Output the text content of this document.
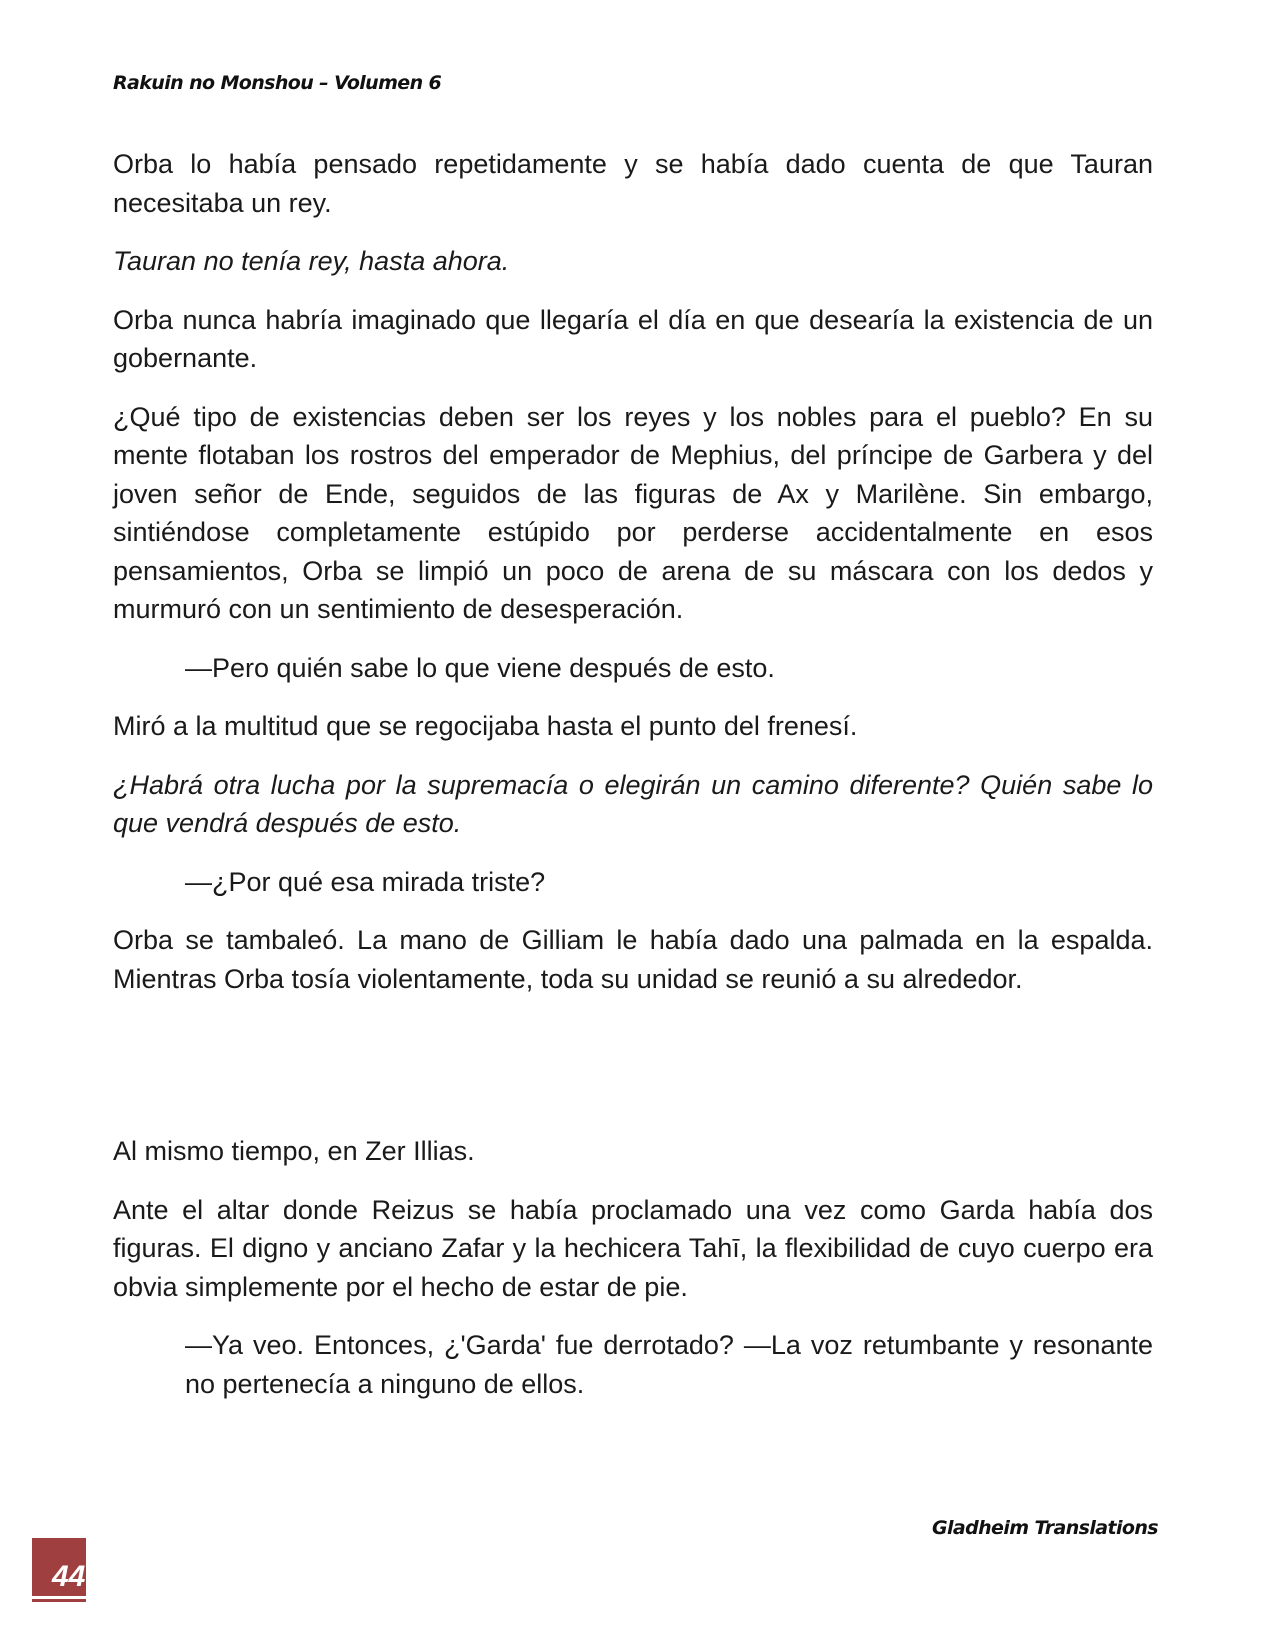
Rakuin no Monshou – Volumen 6

Orba lo había pensado repetidamente y se había dado cuenta de que Tauran necesitaba un rey.

Tauran no tenía rey, hasta ahora.

Orba nunca habría imaginado que llegaría el día en que desearía la existencia de un gobernante.

¿Qué tipo de existencias deben ser los reyes y los nobles para el pueblo? En su mente flotaban los rostros del emperador de Mephius, del príncipe de Garbera y del joven señor de Ende, seguidos de las figuras de Ax y Marilène. Sin embargo, sintiéndose completamente estúpido por perderse accidentalmente en esos pensamientos, Orba se limpió un poco de arena de su máscara con los dedos y murmuró con un sentimiento de desesperación.

—Pero quién sabe lo que viene después de esto.

Miró a la multitud que se regocijaba hasta el punto del frenesí.

¿Habrá otra lucha por la supremacía o elegirán un camino diferente? Quién sabe lo que vendrá después de esto.

—¿Por qué esa mirada triste?

Orba se tambaleó. La mano de Gilliam le había dado una palmada en la espalda. Mientras Orba tosía violentamente, toda su unidad se reunió a su alrededor.

Al mismo tiempo, en Zer Illias.

Ante el altar donde Reizus se había proclamado una vez como Garda había dos figuras. El digno y anciano Zafar y la hechicera Tahī, la flexibilidad de cuyo cuerpo era obvia simplemente por el hecho de estar de pie.

—Ya veo. Entonces, ¿'Garda' fue derrotado? —La voz retumbante y resonante no pertenecía a ninguno de ellos.

Gladheim Translations
44
